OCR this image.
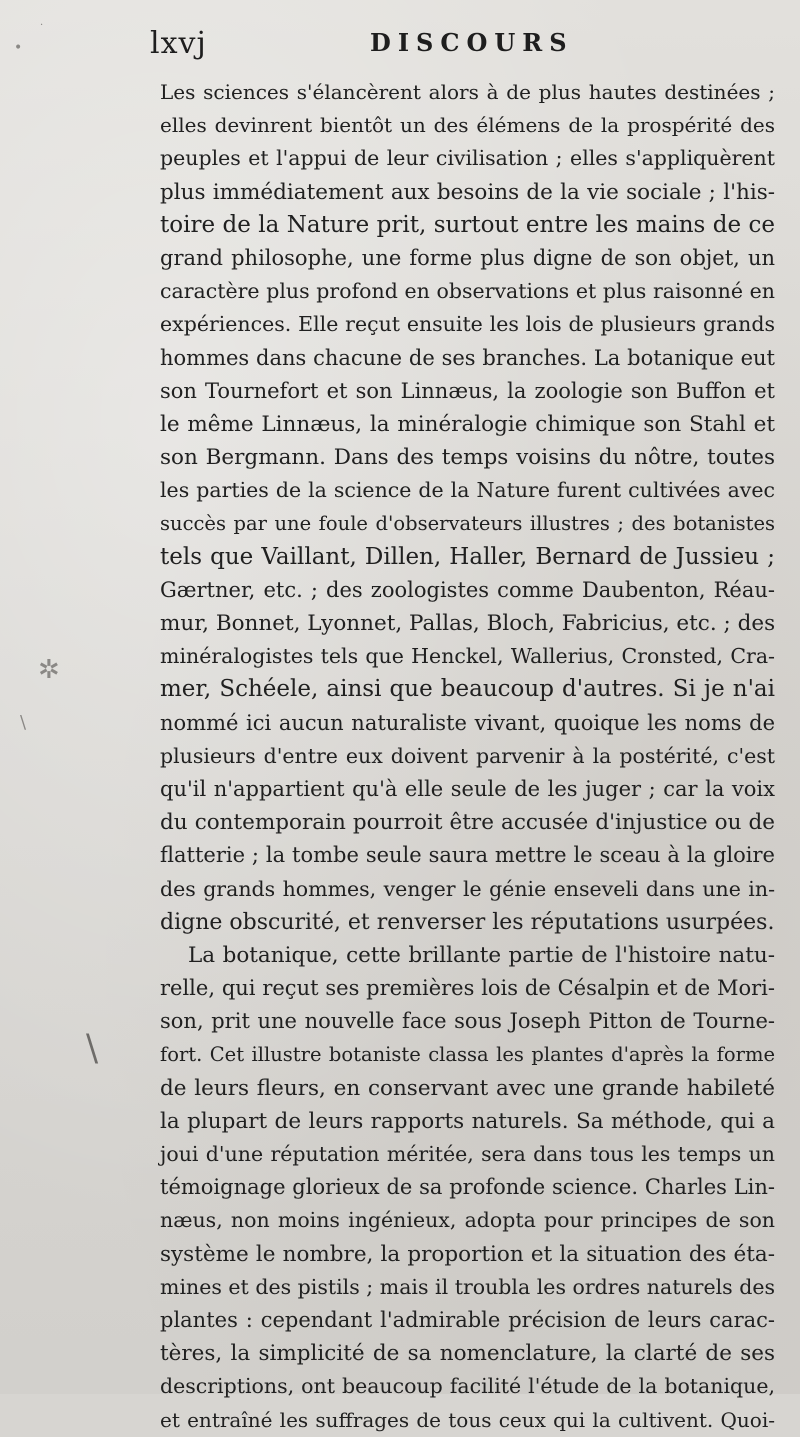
•
·
✲
\
\
lxvj	DISCOURS
Les sciences s'élancèrent alors à de plus hautes destinées ;
elles devinrent bientôt un des élémens de la prospérité des
peuples et l'appui de leur civilisation ; elles s'appliquèrent
plus immédiatement aux besoins de la vie sociale ; l'his-
toire de la Nature prit, surtout entre les mains de ce
grand philosophe, une forme plus digne de son objet, un
caractère plus profond en observations et plus raisonné en
expériences. Elle reçut ensuite les lois de plusieurs grands
hommes dans chacune de ses branches. La botanique eut
son Tournefort et son Linnæus, la zoologie son Buffon et
le même Linnæus, la minéralogie chimique son Stahl et
son Bergmann. Dans des temps voisins du nôtre, toutes
les parties de la science de la Nature furent cultivées avec
succès par une foule d'observateurs illustres ; des botanistes
tels que Vaillant, Dillen, Haller, Bernard de Jussieu ;
Gærtner, etc. ; des zoologistes comme Daubenton, Réau-
mur, Bonnet, Lyonnet, Pallas, Bloch, Fabricius, etc. ; des
minéralogistes tels que Henckel, Wallerius, Cronsted, Cra-
mer, Schéele, ainsi que beaucoup d'autres. Si je n'ai
nommé ici aucun naturaliste vivant, quoique les noms de
plusieurs d'entre eux doivent parvenir à la postérité, c'est
qu'il n'appartient qu'à elle seule de les juger ; car la voix
du contemporain pourroit être accusée d'injustice ou de
flatterie ; la tombe seule saura mettre le sceau à la gloire
des grands hommes, venger le génie enseveli dans une in-
digne obscurité, et renverser les réputations usurpées.
La botanique, cette brillante partie de l'histoire natu-
relle, qui reçut ses premières lois de Césalpin et de Mori-
son, prit une nouvelle face sous Joseph Pitton de Tourne-
fort. Cet illustre botaniste classa les plantes d'après la forme
de leurs fleurs, en conservant avec une grande habileté
la plupart de leurs rapports naturels. Sa méthode, qui a
joui d'une réputation méritée, sera dans tous les temps un
témoignage glorieux de sa profonde science. Charles Lin-
næus, non moins ingénieux, adopta pour principes de son
système le nombre, la proportion et la situation des éta-
mines et des pistils ; mais il troubla les ordres naturels des
plantes : cependant l'admirable précision de leurs carac-
tères, la simplicité de sa nomenclature, la clarté de ses
descriptions, ont beaucoup facilité l'étude de la botanique,
et entraîné les suffrages de tous ceux qui la cultivent. Quoi-
